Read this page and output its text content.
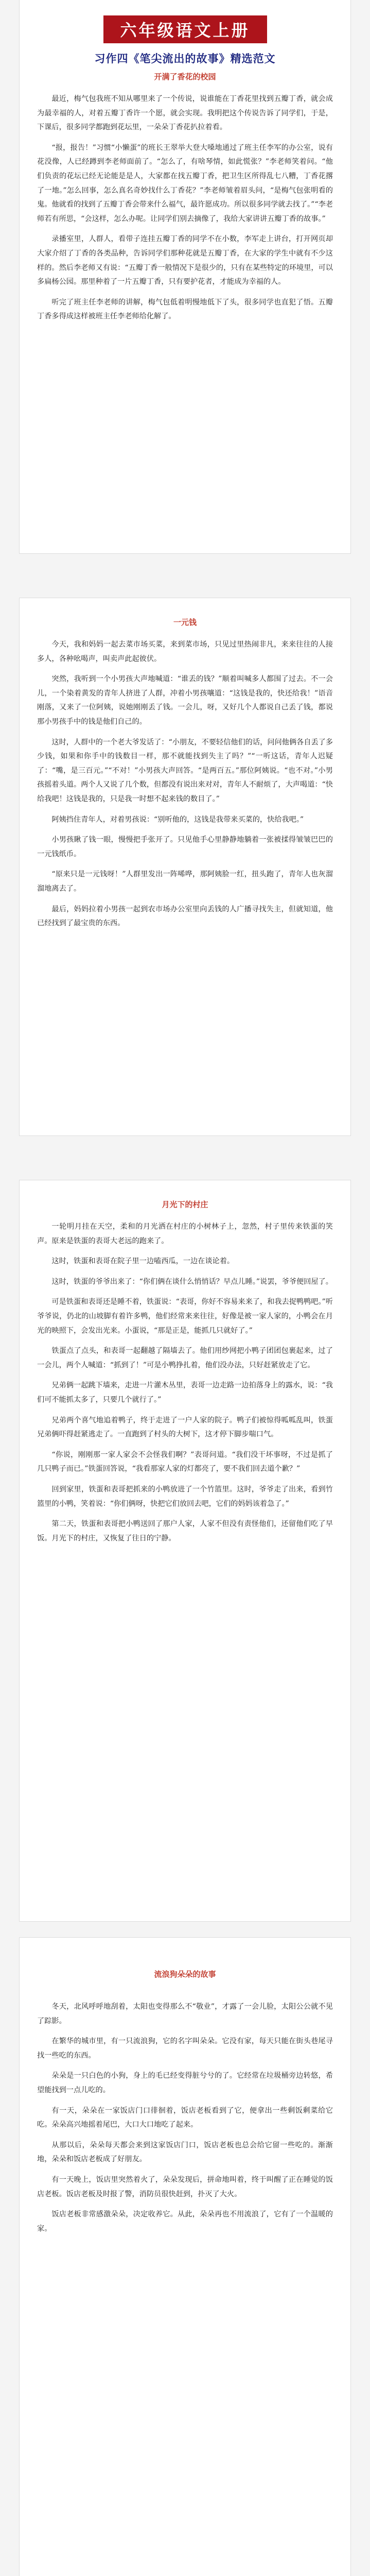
六年级语文上册
习作四《笔尖流出的故事》精选范文
开满了香花的校园

最近，梅气包我班不知从哪里来了一个传说，说谁能在丁香花里找到五瓣丁香，就会成为最幸福的人，对着五瓣丁香许一个愿，就会实现。我明把这个传说告诉了同学们，于是，下课后，很多同学都跑到花坛里，一朵朵丁香花扒拉着看。

“报，报告！”习惯“小懒蛋”的班长王翠举大登大嗓地通过了班主任李军的办公室，说有花没像，人已经蹲到李老师面前了。“怎么了，有啥琴情，如此慌张？”李老师笑着问。“他们负责的花坛已经无论能是是人，大家都在找五瓣丁香，把卫生区所得乱七八糟，丁香花撂了一地。”怎么回事，怎么真名奇妙找什么丁香花？”李老师皱着眉头问，“是梅气包张明看的鬼。他就看的找到了五瓣丁香会带来什么福气，最许愿成功。所以很多同学就去找了。”“李老师若有所思，“会这样，怎么办呢。让同学们别去摘像了，我给大家讲讲五瓣丁香的故事。”

录播室里，人群人，看带子连挂五瓣丁香的同学不在小数，李军走上讲台，打开网页却大家介绍了丁香的各类品种，告诉同学们那种花就是五瓣丁香，在大家的学生中就有不少这样的。然后李老师又有说：“五瓣丁香一般情况下是很少的，只有在某些特定的环境里，可以多扁杨公园。那里种着了一片五瓣丁香，只有要护花者，才能成为幸福的人。

听完了班主任李老师的讲解，梅气包低着明慢地低下了头，很多同学也直犯了悟。五瓣丁香多得成这样被班主任李老师给化解了。

一元钱

今天，我和妈妈一起去菜市场买菜，来到菜市场，只见过里热闹非凡，来来往往的人接多人，各种吆喝声，叫卖声此起彼伏。

突然，我听到一个小男孩大声地喊道：“谁丢的钱？”顺着叫喊多人都围了过去。不一会儿，一个染着黄发的青年人挤进了人群，冲着小男孩嚷道：“这钱是我的，快还给我！”语音刚落，又来了一位阿姨，说她刚刚丢了钱。一会儿，呀，又好几个人都说自己丢了钱，都说那小男孩手中的钱是他们自己的。

这时，人群中的一个老大爷发话了：“小朋友，不要轻信他们的话，问问他俩各自丢了多少钱，如果和你手中的钱数目一样，那不就能找到失主了吗？”“一听这话，青年人迟疑了：“嘴，是三百元。”“不对！”小男孩大声回答。“是两百五。”那位阿姨说。“也不对。”小男孩摇着头道。两个人又说了几个数，但都没有说出来对对，青年人不耐烦了，大声喝道：“快给我吧！这钱是我的，只是我一时想不起来钱的数目了。”

阿姨挡住青年人，对着男孩说：“别听他的，这钱是我带来买菜的，快给我吧。”

小男孩瞅了钱一眼，慢慢把手张开了。只见他手心里静静地躺着一张被揉得皱皱巴巴的一元钱纸币。

“原来只是一元钱呀！”人群里发出一阵唏哗，那阿姨脸一红，扭头跑了，青年人也灰溜溜地离去了。

最后，妈妈拉着小男孩一起到农市场办公室里向丢钱的人广播寻找失主，但就知道，他已经找到了最宝贵的东西。

月光下的村庄

一轮明月挂在天空，柔和的月光洒在村庄的小树林子上，忽然，村子里传来铁蛋的笑声。原来是铁蛋的表哥大老远的跑来了。

这时，铁蛋和表哥在院子里一边嗑西瓜，一边在谈论着。

这时，铁蛋的爷爷出来了：“你们俩在谈什么悄悄话？早点儿睡。”说罢，爷爷便回屋了。

可是铁蛋和表哥还是睡不着，铁蛋说：“表哥，你好不容易来来了，和我去捉鸭鸭吧。”听爷爷说，仍北的山坡脚有着许多鸭，他们经常来来往往，好像是被一家人家的，小鸭会在月光的映照下，会发出光来。小蛋说，“那是正是，能抓几只就好了。”

铁蛋点了点头，和表哥一起翻越了隔墙去了。他们用纱网把小鸭子团团包裹起来，过了一会儿，两个人喊道：“抓到了！”可是小鸭挣扎着，他们没办法，只好赶紧放走了它。

兄弟俩一起跳下墙来，走进一片灌木丛里，表哥一边走路一边拍落身上的露水，说：“我们可不能抓太多了，只要几个就行了。”

兄弟两个喜气地追着鸭子，终于走进了一户人家的院子。鸭子们被惊得呱呱乱叫，铁蛋兄弟俩吓得赶紧逃走了。一直跑到了村头的大树下，这才停下脚步喘口气。

“你说，刚刚那一家人家会不会怪我们啊？”表哥问道。“我们没干坏事呀，不过是抓了几只鸭子而已。”铁蛋回答说，“我看那家人家的灯都亮了，要不我们回去道个歉？”

回到家里，铁蛋和表哥把抓来的小鸭放进了一个竹篮里。这时，爷爷走了出来，看到竹篮里的小鸭，笑着说：“你们俩呀，快把它们放回去吧，它们的妈妈该着急了。”

第二天，铁蛋和表哥把小鸭送回了那户人家，人家不但没有责怪他们，还留他们吃了早饭。月光下的村庄，又恢复了往日的宁静。

流浪狗朵朵的故事

冬天，北风呼呼地刮着，太阳也变得那么不“敬业”，才露了一会儿脸，太阳公公就不见了踪影。

在繁华的城市里，有一只流浪狗，它的名字叫朵朵。它没有家，每天只能在街头巷尾寻找一些吃的东西。

朵朵是一只白色的小狗，身上的毛已经变得脏兮兮的了。它经常在垃圾桶旁边转悠，希望能找到一点儿吃的。

有一天，朵朵在一家饭店门口徘徊着，饭店老板看到了它，便拿出一些剩饭剩菜给它吃。朵朵高兴地摇着尾巴，大口大口地吃了起来。

从那以后，朵朵每天都会来到这家饭店门口，饭店老板也总会给它留一些吃的。渐渐地，朵朵和饭店老板成了好朋友。

有一天晚上，饭店里突然着火了，朵朵发现后，拼命地叫着，终于叫醒了正在睡觉的饭店老板。饭店老板及时报了警，消防员很快赶到，扑灭了大火。

饭店老板非常感激朵朵，决定收养它。从此，朵朵再也不用流浪了，它有了一个温暖的家。
